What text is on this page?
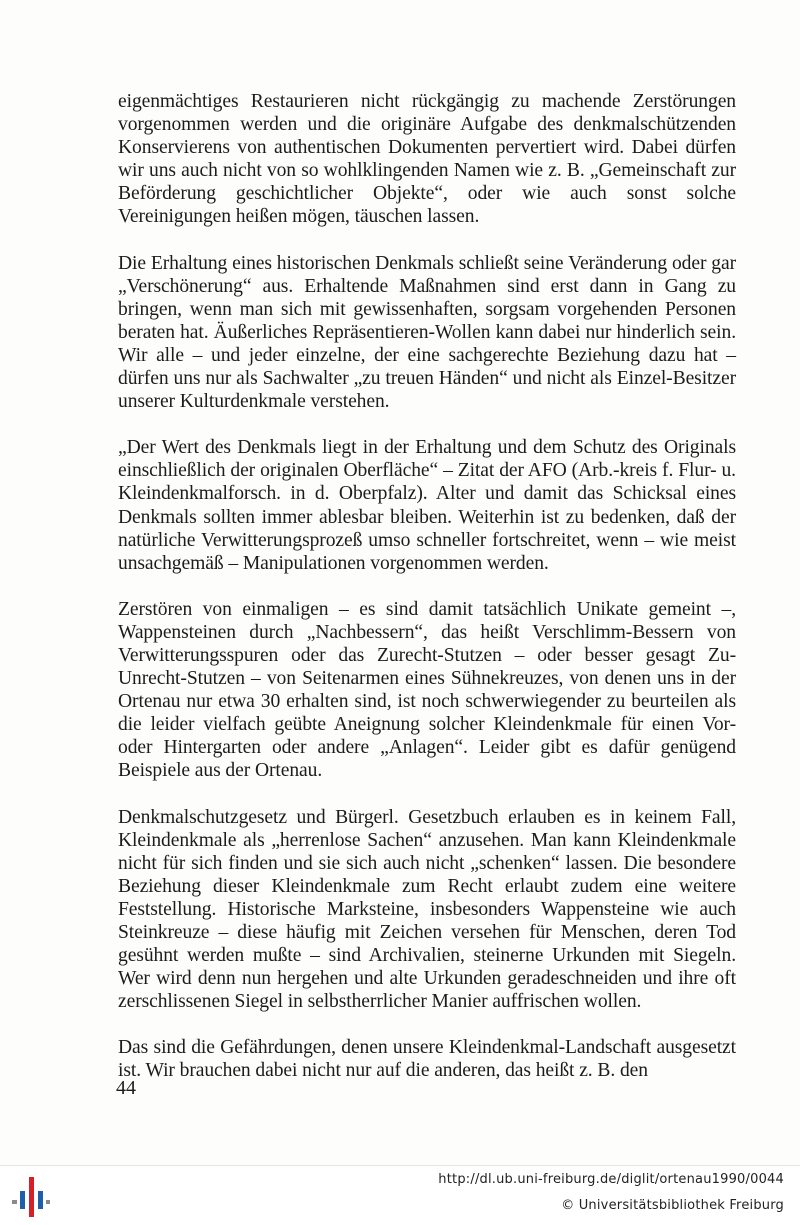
eigenmächtiges Restaurieren nicht rückgängig zu machende Zerstörungen vorgenommen werden und die originäre Aufgabe des denkmalschützenden Konservierens von authentischen Dokumenten pervertiert wird. Dabei dürfen wir uns auch nicht von so wohlklingenden Namen wie z. B. „Gemeinschaft zur Beförderung geschichtlicher Objekte“, oder wie auch sonst solche Vereinigungen heißen mögen, täuschen lassen.

Die Erhaltung eines historischen Denkmals schließt seine Veränderung oder gar „Verschönerung“ aus. Erhaltende Maßnahmen sind erst dann in Gang zu bringen, wenn man sich mit gewissenhaften, sorgsam vorgehenden Personen beraten hat. Äußerliches Repräsentieren-Wollen kann dabei nur hinderlich sein. Wir alle – und jeder einzelne, der eine sachgerechte Beziehung dazu hat – dürfen uns nur als Sachwalter „zu treuen Händen“ und nicht als Einzel-Besitzer unserer Kulturdenkmale verstehen.

„Der Wert des Denkmals liegt in der Erhaltung und dem Schutz des Originals einschließlich der originalen Oberfläche“ – Zitat der AFO (Arb.-kreis f. Flur- u. Kleindenkmalforsch. in d. Oberpfalz). Alter und damit das Schicksal eines Denkmals sollten immer ablesbar bleiben. Weiterhin ist zu bedenken, daß der natürliche Verwitterungsprozeß umso schneller fortschreitet, wenn – wie meist unsachgemäß – Manipulationen vorgenommen werden.

Zerstören von einmaligen – es sind damit tatsächlich Unikate gemeint –, Wappensteinen durch „Nachbessern“, das heißt Verschlimm-Bessern von Verwitterungsspuren oder das Zurecht-Stutzen – oder besser gesagt Zu-Unrecht-Stutzen – von Seitenarmen eines Sühnekreuzes, von denen uns in der Ortenau nur etwa 30 erhalten sind, ist noch schwerwiegender zu beurteilen als die leider vielfach geübte Aneignung solcher Kleindenkmale für einen Vor- oder Hintergarten oder andere „Anlagen“. Leider gibt es dafür genügend Beispiele aus der Ortenau.

Denkmalschutzgesetz und Bürgerl. Gesetzbuch erlauben es in keinem Fall, Kleindenkmale als „herrenlose Sachen“ anzusehen. Man kann Kleindenkmale nicht für sich finden und sie sich auch nicht „schenken“ lassen. Die besondere Beziehung dieser Kleindenkmale zum Recht erlaubt zudem eine weitere Feststellung. Historische Marksteine, insbesonders Wappensteine wie auch Steinkreuze – diese häufig mit Zeichen versehen für Menschen, deren Tod gesühnt werden mußte – sind Archivalien, steinerne Urkunden mit Siegeln. Wer wird denn nun hergehen und alte Urkunden geradeschneiden und ihre oft zerschlissenen Siegel in selbstherrlicher Manier auffrischen wollen.

Das sind die Gefährdungen, denen unsere Kleindenkmal-Landschaft ausgesetzt ist. Wir brauchen dabei nicht nur auf die anderen, das heißt z. B. den

44
http://dl.ub.uni-freiburg.de/diglit/ortenau1990/0044
© Universitätsbibliothek Freiburg
